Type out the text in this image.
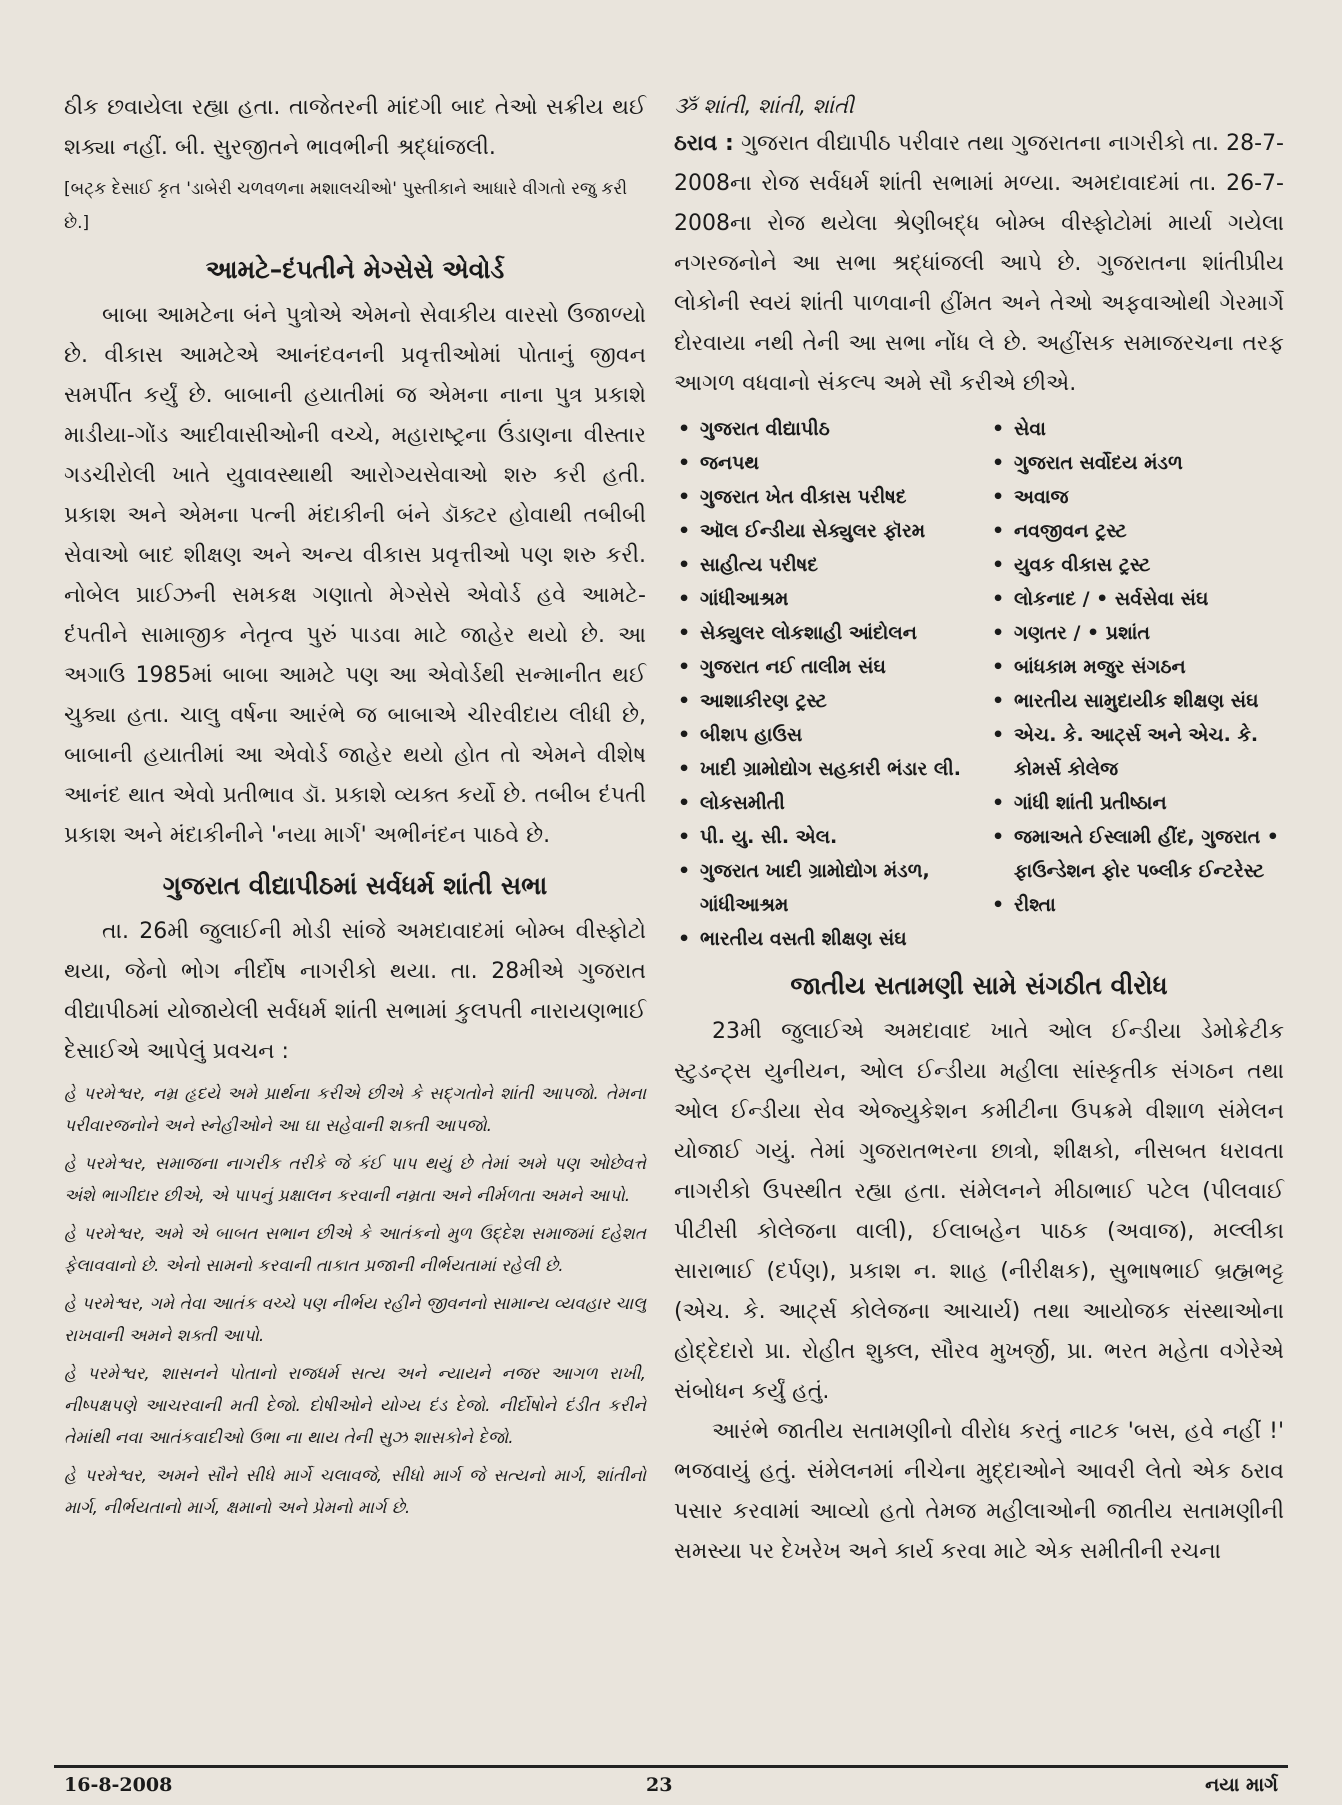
ઠીક છવાયેલા રહ્યા હતા. તાજેતરની માંદગી બાદ તેઓ સક્રીય થઈ શક્યા નહીં. બી. સુરજીતને ભાવભીની શ્રદ્ધાંજલી.

[બટ્ક દેસાઈ કૃત 'ડાબેરી ચળવળના મશાલચીઓ' પુસ્તીકાને આધારે વીગતો રજુ કરી છે.]

આમટે–દંપતીને મેગ્સેસે એવોર્ડ

બાબા આમટેના બંને પુત્રોએ એમનો સેવાકીય વારસો ઉજાળ્યો છે. વીકાસ આમટેએ આનંદવનની પ્રવૃત્તીઓમાં પોતાનું જીવન સમર્પીત કર્યું છે. બાબાની હયાતીમાં જ એમના નાના પુત્ર પ્રકાશે માડીયા-ગોંડ આદીવાસીઓની વચ્ચે, મહારાષ્ટ્રના ઉંડાણના વીસ્તાર ગડચીરોલી ખાતે યુવાવસ્થાથી આરોગ્યસેવાઓ શરુ કરી હતી. પ્રકાશ અને એમના પત્ની મંદાકીની બંને ડૉક્ટર હોવાથી તબીબી સેવાઓ બાદ શીક્ષણ અને અન્ય વીકાસ પ્રવૃત્તીઓ પણ શરુ કરી. નોબેલ પ્રાઈઝની સમકક્ષ ગણાતો મેગ્સેસે એવોર્ડ હવે આમટે-દંપતીને સામાજીક નેતૃત્વ પુરું પાડવા માટે જાહેર થયો છે. આ અગાઉ 1985માં બાબા આમટે પણ આ એવોર્ડથી સન્માનીત થઈ ચુક્યા હતા. ચાલુ વર્ષના આરંભે જ બાબાએ ચીરવીદાય લીધી છે, બાબાની હયાતીમાં આ એવોર્ડ જાહેર થયો હોત તો એમને વીશેષ આનંદ થાત એવો પ્રતીભાવ ડૉ. પ્રકાશે વ્યક્ત કર્યો છે. તબીબ દંપતી પ્રકાશ અને મંદાકીનીને 'નયા માર્ગ' અભીનંદન પાઠવે છે.

ગુજરાત વીદ્યાપીઠમાં સર્વધર્મ શાંતી સભા

તા. 26મી જુલાઈની મોડી સાંજે અમદાવાદમાં બોમ્બ વીસ્ફોટો થયા, જેનો ભોગ નીર્દોષ નાગરીકો થયા. તા. 28મીએ ગુજરાત વીદ્યાપીઠમાં યોજાયેલી સર્વધર્મ શાંતી સભામાં કુલપતી નારાયણભાઈ દેસાઈએ આપેલું પ્રવચન :

હે પરમેશ્વર, નમ્ર હૃદયે અમે પ્રાર્થના કરીએ છીએ કે સદ્ગતોને શાંતી આપજો. તેમના પરીવારજનોને અને સ્નેહીઓને આ ઘા સહેવાની શક્તી આપજો.

હે પરમેશ્વર, સમાજના નાગરીક તરીકે જે કંઈ પાપ થયું છે તેમાં અમે પણ ઓછેવત્તે અંશે ભાગીદાર છીએ, એ પાપનું પ્રક્ષાલન કરવાની નમ્રતા અને નીર્મળતા અમને આપો.

હે પરમેશ્વર, અમે એ બાબત સભાન છીએ કે આતંકનો મુળ ઉદ્દેશ સમાજમાં દહેશત ફેલાવવાનો છે. એનો સામનો કરવાની તાકાત પ્રજાની નીર્ભયતામાં રહેલી છે.

હે પરમેશ્વર, ગમે તેવા આતંક વચ્ચે પણ નીર્ભય રહીને જીવનનો સામાન્ય વ્યવહાર ચાલુ રાખવાની અમને શક્તી આપો.

હે પરમેશ્વર, શાસનને પોતાનો રાજધર્મ સત્ય અને ન્યાયને નજર આગળ રાખી, નીષ્પક્ષપણે આચરવાની મતી દેજો. દોષીઓને યોગ્ય દંડ દેજો. નીર્દોષોને દંડીત કરીને તેમાંથી નવા આતંકવાદીઓ ઉભા ના થાય તેની સુઝ શાસકોને દેજો.

હે પરમેશ્વર, અમને સૌને સીધે માર્ગે ચલાવજે, સીધો માર્ગ જે સત્યનો માર્ગ, શાંતીનો માર્ગ, નીર્ભયતાનો માર્ગ, ક્ષમાનો અને પ્રેમનો માર્ગ છે.

ૐ શાંતી, શાંતી, શાંતી

ઠરાવ : ગુજરાત વીદ્યાપીઠ પરીવાર તથા ગુજરાતના નાગરીકો તા. 28-7-2008ના રોજ સર્વધર્મ શાંતી સભામાં મળ્યા. અમદાવાદમાં તા. 26-7-2008ના રોજ થયેલા શ્રેણીબદ્ધ બોમ્બ વીસ્ફોટોમાં માર્યા ગયેલા નગરજનોને આ સભા શ્રદ્ધાંજલી આપે છે. ગુજરાતના શાંતીપ્રીય લોકોની સ્વયં શાંતી પાળવાની હીંમત અને તેઓ અફવાઓથી ગેરમાર્ગે દોરવાયા નથી તેની આ સભા નોંધ લે છે. અહીંસક સમાજરચના તરફ આગળ વધવાનો સંકલ્પ અમે સૌ કરીએ છીએ.

• ગુજરાત વીદ્યાપીઠ
• જનપથ
• ગુજરાત ખેત વીકાસ પરીષદ
• ઑલ ઈન્ડીયા સેક્યુલર ફૉરમ
• સાહીત્ય પરીષદ
• ગાંધીઆશ્રમ
• સેક્યુલર લોકશાહી આંદોલન
• ગુજરાત નઈ તાલીમ સંઘ
• આશાકીરણ ટ્રસ્ટ
• બીશપ હાઉસ
• ખાદી ગ્રામોદ્યોગ સહકારી ભંડાર લી.
• લોકસમીતી
• પી. યુ. સી. એલ.
• ગુજરાત ખાદી ગ્રામોદ્યોગ મંડળ, ગાંધીઆશ્રમ
• ભારતીય વસતી શીક્ષણ સંઘ
• સેવા
• ગુજરાત સર્વોદય મંડળ
• અવાજ
• નવજીવન ટ્રસ્ટ
• યુવક વીકાસ ટ્રસ્ટ
• લોકનાદ / • સર્વસેવા સંઘ
• ગણતર / • પ્રશાંત
• બાંધકામ મજુર સંગઠન
• ભારતીય સામુદાયીક શીક્ષણ સંઘ
• એચ. કે. આર્ટ્સ અને એચ. કે. કોમર્સ કોલેજ
• ગાંધી શાંતી પ્રતીષ્ઠાન
• જમાઅતે ઈસ્લામી હીંદ, ગુજરાત • ફાઉન્ડેશન ફોર પબ્લીક ઈન્ટરેસ્ટ
• રીશ્તા
જાતીય સતામણી સામે સંગઠીત વીરોધ

23મી જુલાઈએ અમદાવાદ ખાતે ઓલ ઈન્ડીયા ડેમોક્રેટીક સ્ટુડન્ટ્સ યુનીયન, ઓલ ઈન્ડીયા મહીલા સાંસ્કૃતીક સંગઠન તથા ઓલ ઈન્ડીયા સેવ એજ્યુકેશન કમીટીના ઉપક્રમે વીશાળ સંમેલન યોજાઈ ગયું. તેમાં ગુજરાતભરના છાત્રો, શીક્ષકો, નીસબત ધરાવતા નાગરીકો ઉપસ્થીત રહ્યા હતા. સંમેલનને મીઠાભાઈ પટેલ (પીલવાઈ પીટીસી કોલેજના વાલી), ઈલાબહેન પાઠક (અવાજ), મલ્લીકા સારાભાઈ (દર્પણ), પ્રકાશ ન. શાહ (નીરીક્ષક), સુભાષભાઈ બ્રહ્મભટ્ટ (એચ. કે. આર્ટ્સ કોલેજના આચાર્ય) તથા આયોજક સંસ્થાઓના હોદ્દેદારો પ્રા. રોહીત શુક્લ, સૌરવ મુખર્જી, પ્રા. ભરત મહેતા વગેરેએ સંબોધન કર્યું હતું.

આરંભે જાતીય સતામણીનો વીરોધ કરતું નાટક 'બસ, હવે નહીં !' ભજવાયું હતું. સંમેલનમાં નીચેના મુદ્દાઓને આવરી લેતો એક ઠરાવ પસાર કરવામાં આવ્યો હતો તેમજ મહીલાઓની જાતીય સતામણીની સમસ્યા પર દેખરેખ અને કાર્ય કરવા માટે એક સમીતીની રચના

16-8-2008	23	નયા માર્ગ
